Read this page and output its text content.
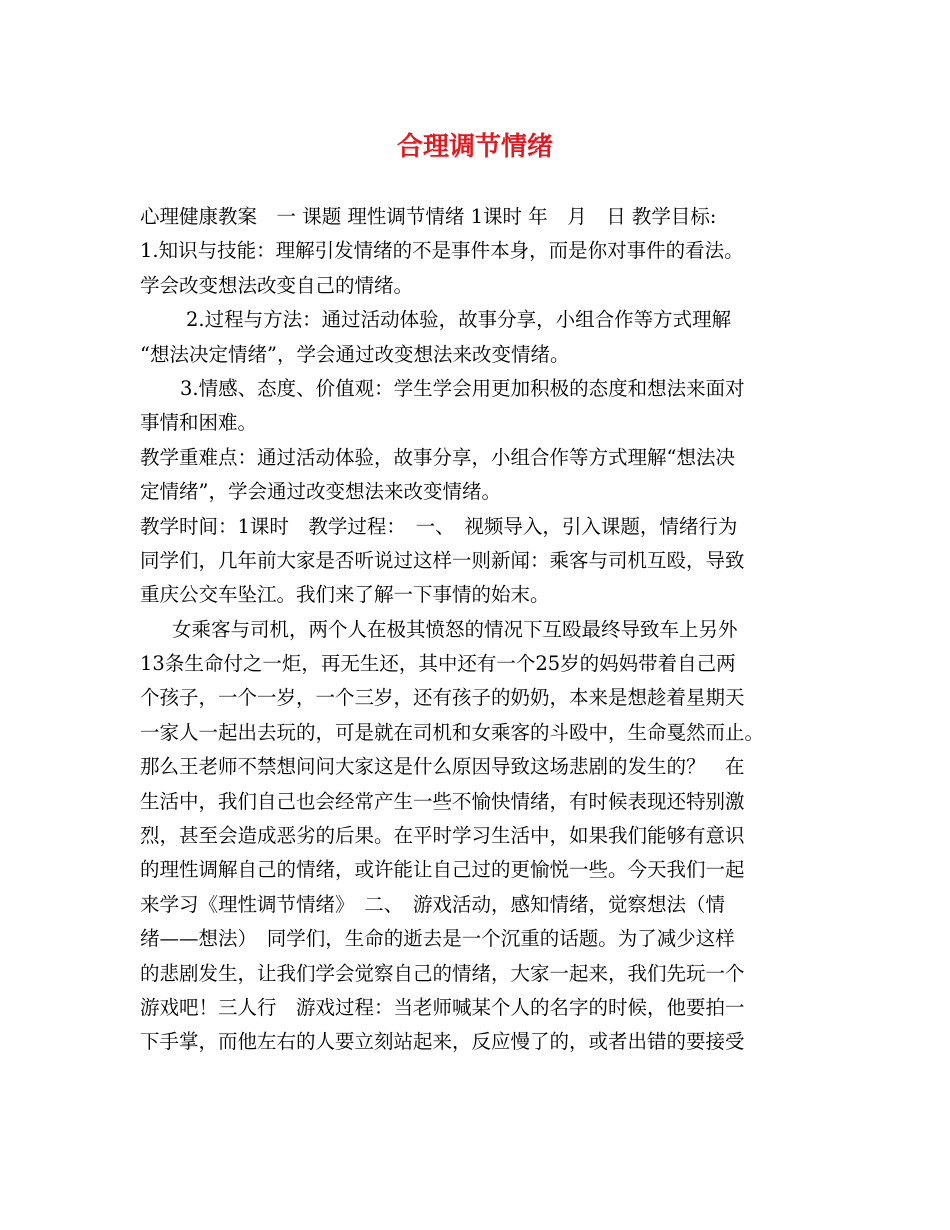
合理调节情绪
心理健康教案　一 课题 理性调节情绪 1课时 年　月　日 教学目标:
1.知识与技能：理解引发情绪的不是事件本身，而是你对事件的看法。
学会改变想法改变自己的情绪。
2.过程与方法：通过活动体验，故事分享，小组合作等方式理解
“想法决定情绪”，学会通过改变想法来改变情绪。
3.情感、态度、价值观：学生学会用更加积极的态度和想法来面对
事情和困难。
教学重难点：通过活动体验，故事分享，小组合作等方式理解“想法决
定情绪”，学会通过改变想法来改变情绪。
教学时间：1课时　教学过程：　一、　视频导入，引入课题，情绪行为
同学们，几年前大家是否听说过这样一则新闻：乘客与司机互殴，导致
重庆公交车坠江。我们来了解一下事情的始末。
女乘客与司机，两个人在极其愤怒的情况下互殴最终导致车上另外
13条生命付之一炬，再无生还，其中还有一个25岁的妈妈带着自己两
个孩子，一个一岁，一个三岁，还有孩子的奶奶，本来是想趁着星期天
一家人一起出去玩的，可是就在司机和女乘客的斗殴中，生命戛然而止。
那么王老师不禁想问问大家这是什么原因导致这场悲剧的发生的？　在
生活中，我们自己也会经常产生一些不愉快情绪，有时候表现还特别激
烈，甚至会造成恶劣的后果。在平时学习生活中，如果我们能够有意识
的理性调解自己的情绪，或许能让自己过的更愉悦一些。今天我们一起
来学习《理性调节情绪》　二、　游戏活动，感知情绪，觉察想法（情
绪——想法）　同学们，生命的逝去是一个沉重的话题。为了减少这样
的悲剧发生，让我们学会觉察自己的情绪，大家一起来，我们先玩一个
游戏吧！三人行　游戏过程：当老师喊某个人的名字的时候，他要拍一
下手掌，而他左右的人要立刻站起来，反应慢了的，或者出错的要接受
